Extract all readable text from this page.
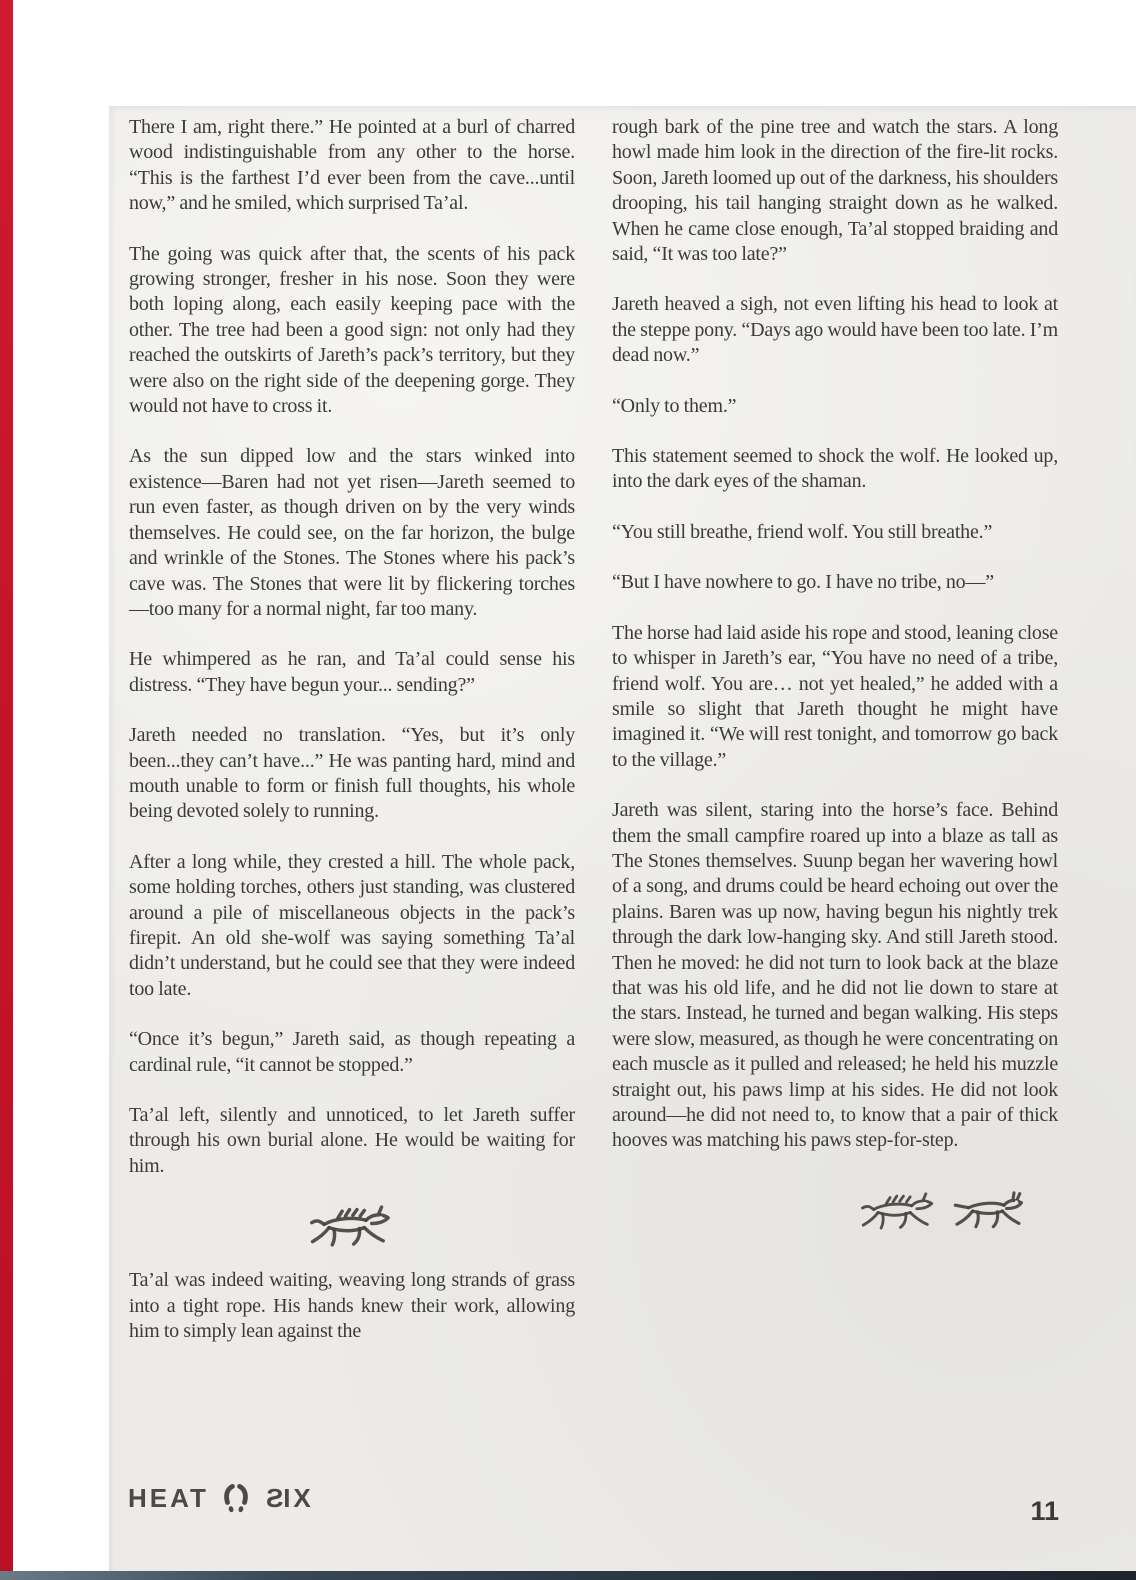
There I am, right there.” He pointed at a burl of charred wood indistinguishable from any other to the horse. “This is the farthest I’d ever been from the cave...until now,” and he smiled, which surprised Ta’al.

The going was quick after that, the scents of his pack growing stronger, fresher in his nose. Soon they were both loping along, each easily keeping pace with the other. The tree had been a good sign: not only had they reached the outskirts of Jareth’s pack’s territory, but they were also on the right side of the deepening gorge. They would not have to cross it.

As the sun dipped low and the stars winked into existence—Baren had not yet risen—Jareth seemed to run even faster, as though driven on by the very winds themselves. He could see, on the far horizon, the bulge and wrinkle of the Stones. The Stones where his pack’s cave was. The Stones that were lit by flickering torches—too many for a normal night, far too many.

He whimpered as he ran, and Ta’al could sense his distress. “They have begun your... sending?”

Jareth needed no translation. “Yes, but it’s only been...they can’t have...” He was panting hard, mind and mouth unable to form or finish full thoughts, his whole being devoted solely to running.

After a long while, they crested a hill. The whole pack, some holding torches, others just standing, was clustered around a pile of miscellaneous objects in the pack’s firepit. An old she-wolf was saying something Ta’al didn’t understand, but he could see that they were indeed too late.

“Once it’s begun,” Jareth said, as though repeating a cardinal rule, “it cannot be stopped.”

Ta’al left, silently and unnoticed, to let Jareth suffer through his own burial alone. He would be waiting for him.

Ta’al was indeed waiting, weaving long strands of grass into a tight rope. His hands knew their work, allowing him to simply lean against the

rough bark of the pine tree and watch the stars. A long howl made him look in the direction of the fire-lit rocks. Soon, Jareth loomed up out of the darkness, his shoulders drooping, his tail hanging straight down as he walked. When he came close enough, Ta’al stopped braiding and said, “It was too late?”

Jareth heaved a sigh, not even lifting his head to look at the steppe pony. “Days ago would have been too late. I’m dead now.”

“Only to them.”

This statement seemed to shock the wolf. He looked up, into the dark eyes of the shaman.

“You still breathe, friend wolf. You still breathe.”

“But I have nowhere to go. I have no tribe, no—”

The horse had laid aside his rope and stood, leaning close to whisper in Jareth’s ear, “You have no need of a tribe, friend wolf. You are… not yet healed,” he added with a smile so slight that Jareth thought he might have imagined it. “We will rest tonight, and tomorrow go back to the village.”

Jareth was silent, staring into the horse’s face. Behind them the small campfire roared up into a blaze as tall as The Stones themselves. Suunp began her wavering howl of a song, and drums could be heard echoing out over the plains. Baren was up now, having begun his nightly trek through the dark low-hanging sky. And still Jareth stood. Then he moved: he did not turn to look back at the blaze that was his old life, and he did not lie down to stare at the stars. Instead, he turned and began walking. His steps were slow, measured, as though he were concentrating on each muscle as it pulled and released; he held his muzzle straight out, his paws limp at his sides. He did not look around—he did not need to, to know that a pair of thick hooves was matching his paws step-for-step.

HEAT SIX	11
